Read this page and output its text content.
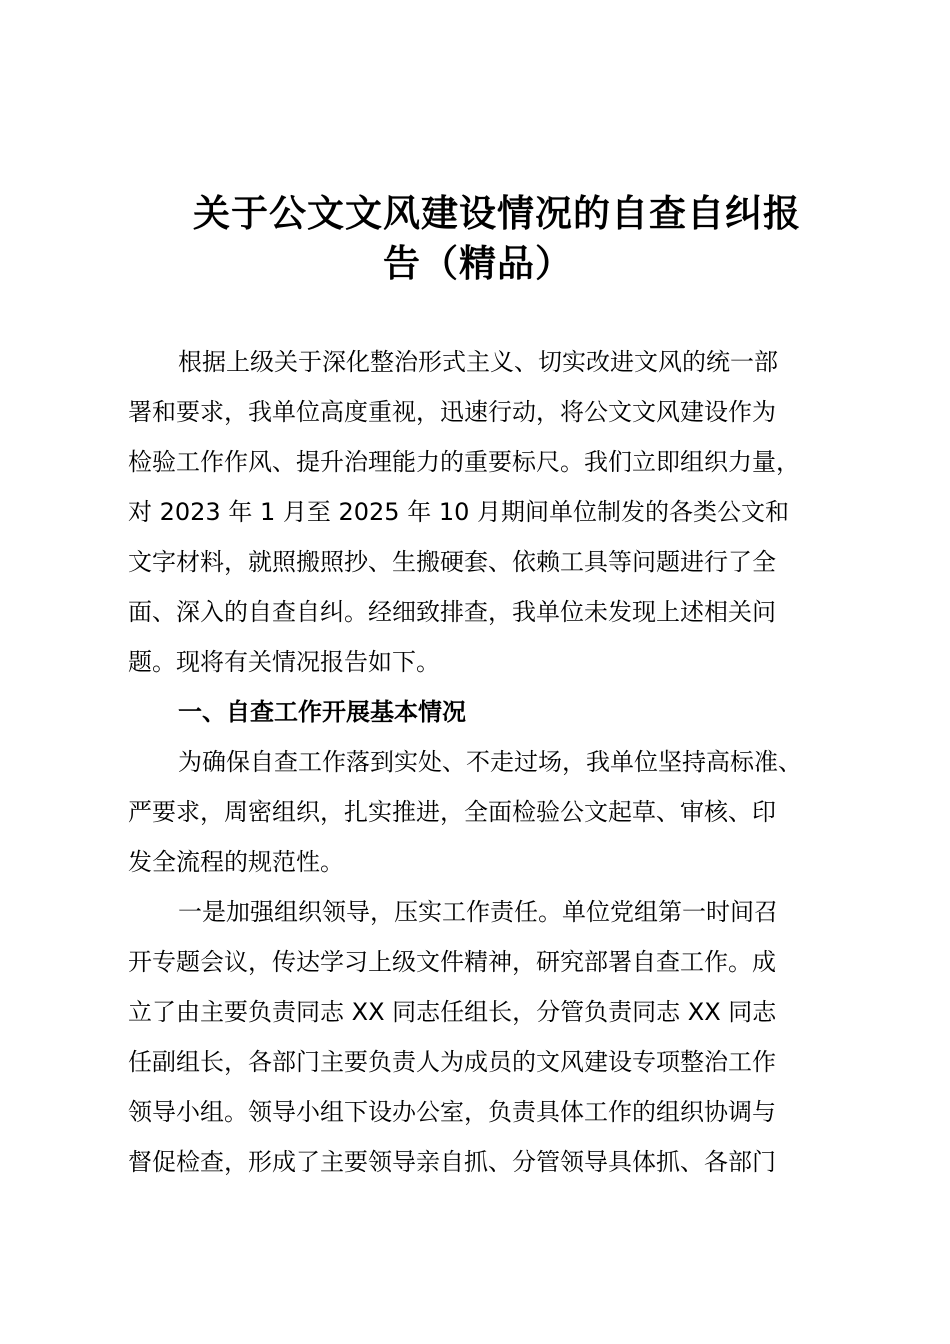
关于公文文风建设情况的自查自纠报
告（精品）
根据上级关于深化整治形式主义、切实改进文风的统一部
署和要求，我单位高度重视，迅速行动，将公文文风建设作为
检验工作作风、提升治理能力的重要标尺。我们立即组织力量，
对 2023 年 1 月至 2025 年 10 月期间单位制发的各类公文和
文字材料，就照搬照抄、生搬硬套、依赖工具等问题进行了全
面、深入的自查自纠。经细致排查，我单位未发现上述相关问
题。现将有关情况报告如下。
一、自查工作开展基本情况
为确保自查工作落到实处、不走过场，我单位坚持高标准、
严要求，周密组织，扎实推进，全面检验公文起草、审核、印
发全流程的规范性。
一是加强组织领导，压实工作责任。单位党组第一时间召
开专题会议，传达学习上级文件精神，研究部署自查工作。成
立了由主要负责同志 XX 同志任组长，分管负责同志 XX 同志
任副组长，各部门主要负责人为成员的文风建设专项整治工作
领导小组。领导小组下设办公室，负责具体工作的组织协调与
督促检查，形成了主要领导亲自抓、分管领导具体抓、各部门
